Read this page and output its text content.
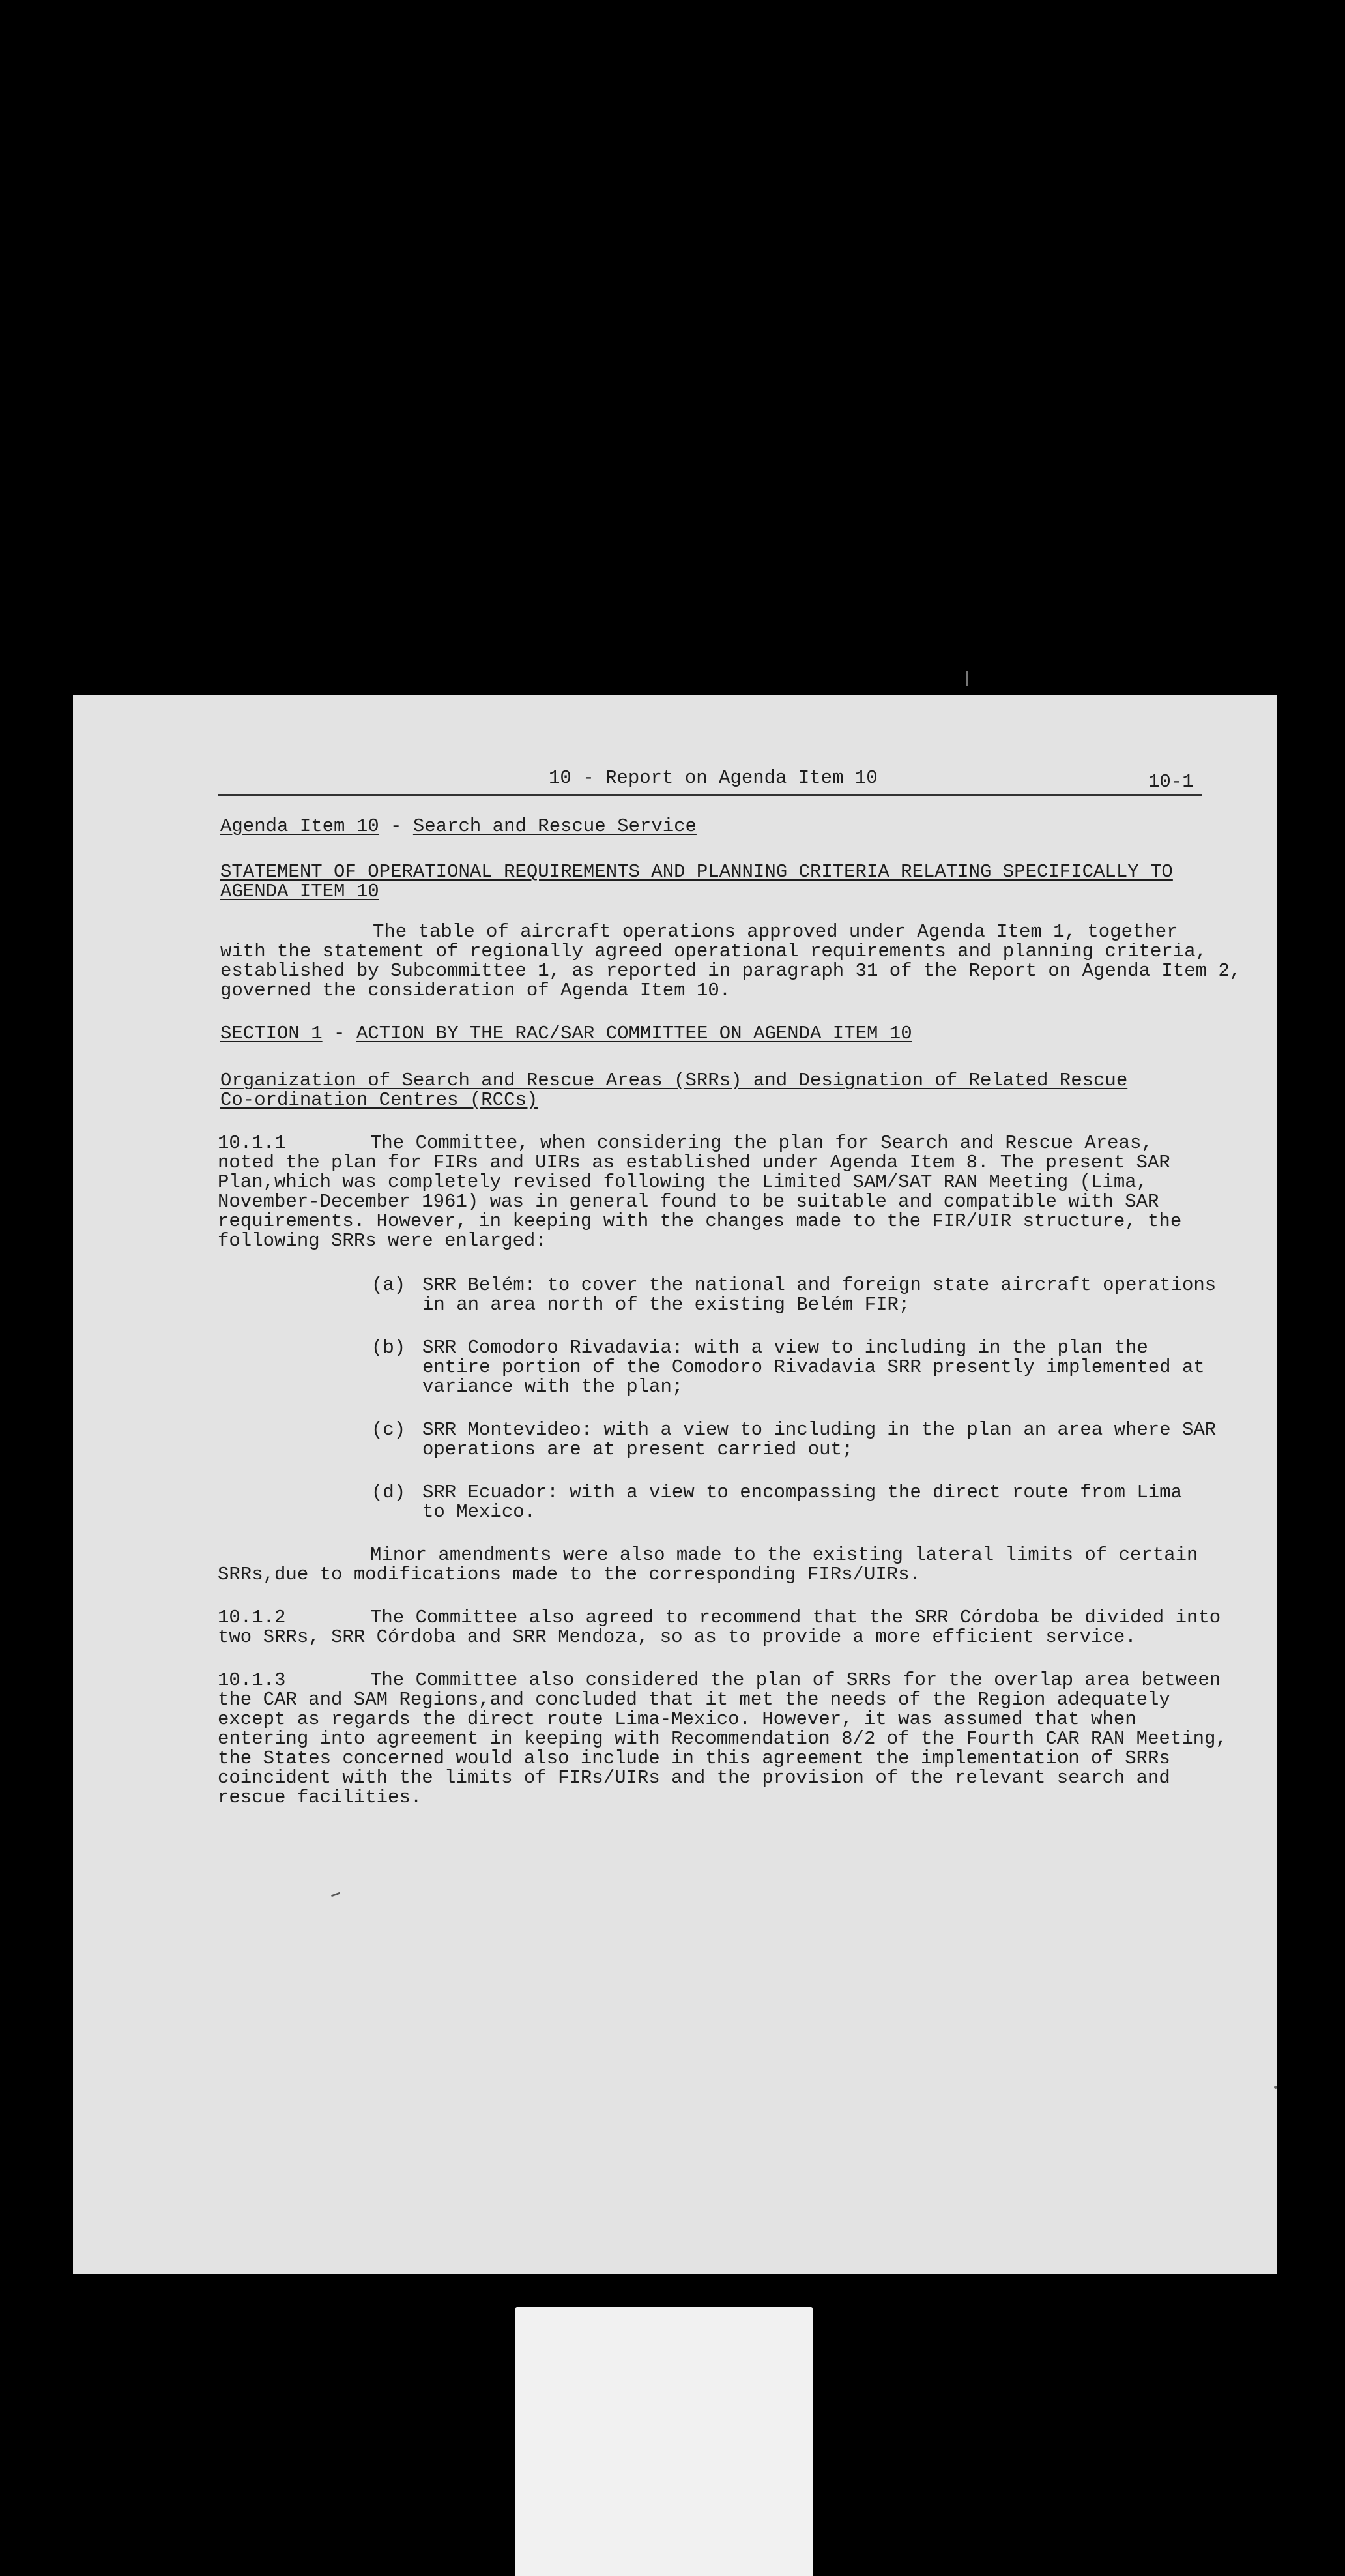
10 - Report on Agenda Item 10	10-1
Agenda Item 10 - Search and Rescue Service
STATEMENT OF OPERATIONAL REQUIREMENTS AND PLANNING CRITERIA RELATING SPECIFICALLY TO
AGENDA ITEM 10
The table of aircraft operations approved under Agenda Item 1, together
with the statement of regionally agreed operational requirements and planning criteria,
established by Subcommittee 1, as reported in paragraph 31 of the Report on Agenda Item 2,
governed the consideration of Agenda Item 10.
SECTION 1 - ACTION BY THE RAC/SAR COMMITTEE ON AGENDA ITEM 10
Organization of Search and Rescue Areas (SRRs) and Designation of Related Rescue
Co-ordination Centres (RCCs)
10.1.1	The Committee, when considering the plan for Search and Rescue Areas,
noted the plan for FIRs and UIRs as established under Agenda Item 8. The present SAR
Plan,which was completely revised following the Limited SAM/SAT RAN Meeting (Lima,
November-December 1961) was in general found to be suitable and compatible with SAR
requirements. However, in keeping with the changes made to the FIR/UIR structure, the
following SRRs were enlarged:
(a) SRR Belém: to cover the national and foreign state aircraft operations
in an area north of the existing Belém FIR;
(b) SRR Comodoro Rivadavia: with a view to including in the plan the
entire portion of the Comodoro Rivadavia SRR presently implemented at
variance with the plan;
(c) SRR Montevideo: with a view to including in the plan an area where SAR
operations are at present carried out;
(d) SRR Ecuador: with a view to encompassing the direct route from Lima
to Mexico.
Minor amendments were also made to the existing lateral limits of certain
SRRs,due to modifications made to the corresponding FIRs/UIRs.
10.1.2	The Committee also agreed to recommend that the SRR Córdoba be divided into
two SRRs, SRR Córdoba and SRR Mendoza, so as to provide a more efficient service.
10.1.3	The Committee also considered the plan of SRRs for the overlap area between
the CAR and SAM Regions,and concluded that it met the needs of the Region adequately
except as regards the direct route Lima-Mexico. However, it was assumed that when
entering into agreement in keeping with Recommendation 8/2 of the Fourth CAR RAN Meeting,
the States concerned would also include in this agreement the implementation of SRRs
coincident with the limits of FIRs/UIRs and the provision of the relevant search and
rescue facilities.
